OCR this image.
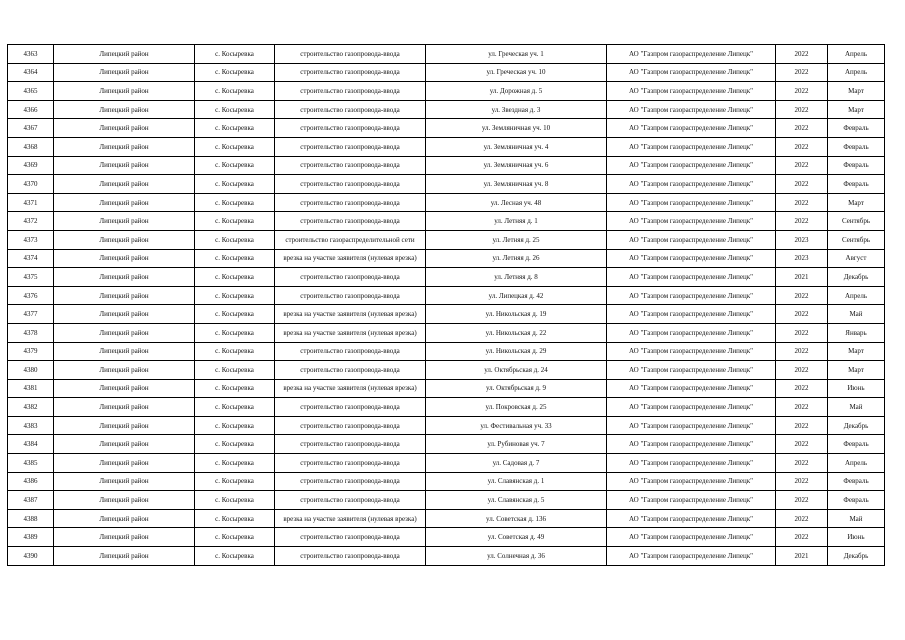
4363	Липецкий район	с. Косыревка	строительство газопровода-ввода	ул. Греческая уч. 1	АО "Газпром газораспределение Липецк"	2022	Апрель
4364	Липецкий район	с. Косыревка	строительство газопровода-ввода	ул. Греческая уч. 10	АО "Газпром газораспределение Липецк"	2022	Апрель
4365	Липецкий район	с. Косыревка	строительство газопровода-ввода	ул. Дорожная д. 5	АО "Газпром газораспределение Липецк"	2022	Март
4366	Липецкий район	с. Косыревка	строительство газопровода-ввода	ул. Звездная д. 3	АО "Газпром газораспределение Липецк"	2022	Март
4367	Липецкий район	с. Косыревка	строительство газопровода-ввода	ул. Земляничная уч. 10	АО "Газпром газораспределение Липецк"	2022	Февраль
4368	Липецкий район	с. Косыревка	строительство газопровода-ввода	ул. Земляничная уч. 4	АО "Газпром газораспределение Липецк"	2022	Февраль
4369	Липецкий район	с. Косыревка	строительство газопровода-ввода	ул. Земляничная уч. 6	АО "Газпром газораспределение Липецк"	2022	Февраль
4370	Липецкий район	с. Косыревка	строительство газопровода-ввода	ул. Земляничная уч. 8	АО "Газпром газораспределение Липецк"	2022	Февраль
4371	Липецкий район	с. Косыревка	строительство газопровода-ввода	ул. Лесная уч. 48	АО "Газпром газораспределение Липецк"	2022	Март
4372	Липецкий район	с. Косыревка	строительство газопровода-ввода	ул. Летняя д. 1	АО "Газпром газораспределение Липецк"	2022	Сентябрь
4373	Липецкий район	с. Косыревка	строительство газораспределительной сети	ул. Летняя д. 25	АО "Газпром газораспределение Липецк"	2023	Сентябрь
4374	Липецкий район	с. Косыревка	врезка на участке заявителя (нулевая врезка)	ул. Летняя д. 26	АО "Газпром газораспределение Липецк"	2023	Август
4375	Липецкий район	с. Косыревка	строительство газопровода-ввода	ул. Летняя д. 8	АО "Газпром газораспределение Липецк"	2021	Декабрь
4376	Липецкий район	с. Косыревка	строительство газопровода-ввода	ул. Липецкая д. 42	АО "Газпром газораспределение Липецк"	2022	Апрель
4377	Липецкий район	с. Косыревка	врезка на участке заявителя (нулевая врезка)	ул. Никольская д. 19	АО "Газпром газораспределение Липецк"	2022	Май
4378	Липецкий район	с. Косыревка	врезка на участке заявителя (нулевая врезка)	ул. Никольская д. 22	АО "Газпром газораспределение Липецк"	2022	Январь
4379	Липецкий район	с. Косыревка	строительство газопровода-ввода	ул. Никольская д. 29	АО "Газпром газораспределение Липецк"	2022	Март
4380	Липецкий район	с. Косыревка	строительство газопровода-ввода	ул. Октябрьская д. 24	АО "Газпром газораспределение Липецк"	2022	Март
4381	Липецкий район	с. Косыревка	врезка на участке заявителя (нулевая врезка)	ул. Октябрьская д. 9	АО "Газпром газораспределение Липецк"	2022	Июнь
4382	Липецкий район	с. Косыревка	строительство газопровода-ввода	ул. Покровская д. 25	АО "Газпром газораспределение Липецк"	2022	Май
4383	Липецкий район	с. Косыревка	строительство газопровода-ввода	ул. Фестивальная уч. 33	АО "Газпром газораспределение Липецк"	2022	Декабрь
4384	Липецкий район	с. Косыревка	строительство газопровода-ввода	ул. Рубиновая уч. 7	АО "Газпром газораспределение Липецк"	2022	Февраль
4385	Липецкий район	с. Косыревка	строительство газопровода-ввода	ул. Садовая д. 7	АО "Газпром газораспределение Липецк"	2022	Апрель
4386	Липецкий район	с. Косыревка	строительство газопровода-ввода	ул. Славянская д. 1	АО "Газпром газораспределение Липецк"	2022	Февраль
4387	Липецкий район	с. Косыревка	строительство газопровода-ввода	ул. Славянская д. 5	АО "Газпром газораспределение Липецк"	2022	Февраль
4388	Липецкий район	с. Косыревка	врезка на участке заявителя (нулевая врезка)	ул. Советская д. 136	АО "Газпром газораспределение Липецк"	2022	Май
4389	Липецкий район	с. Косыревка	строительство газопровода-ввода	ул. Советская д. 49	АО "Газпром газораспределение Липецк"	2022	Июнь
4390	Липецкий район	с. Косыревка	строительство газопровода-ввода	ул. Солнечная д. 36	АО "Газпром газораспределение Липецк"	2021	Декабрь
